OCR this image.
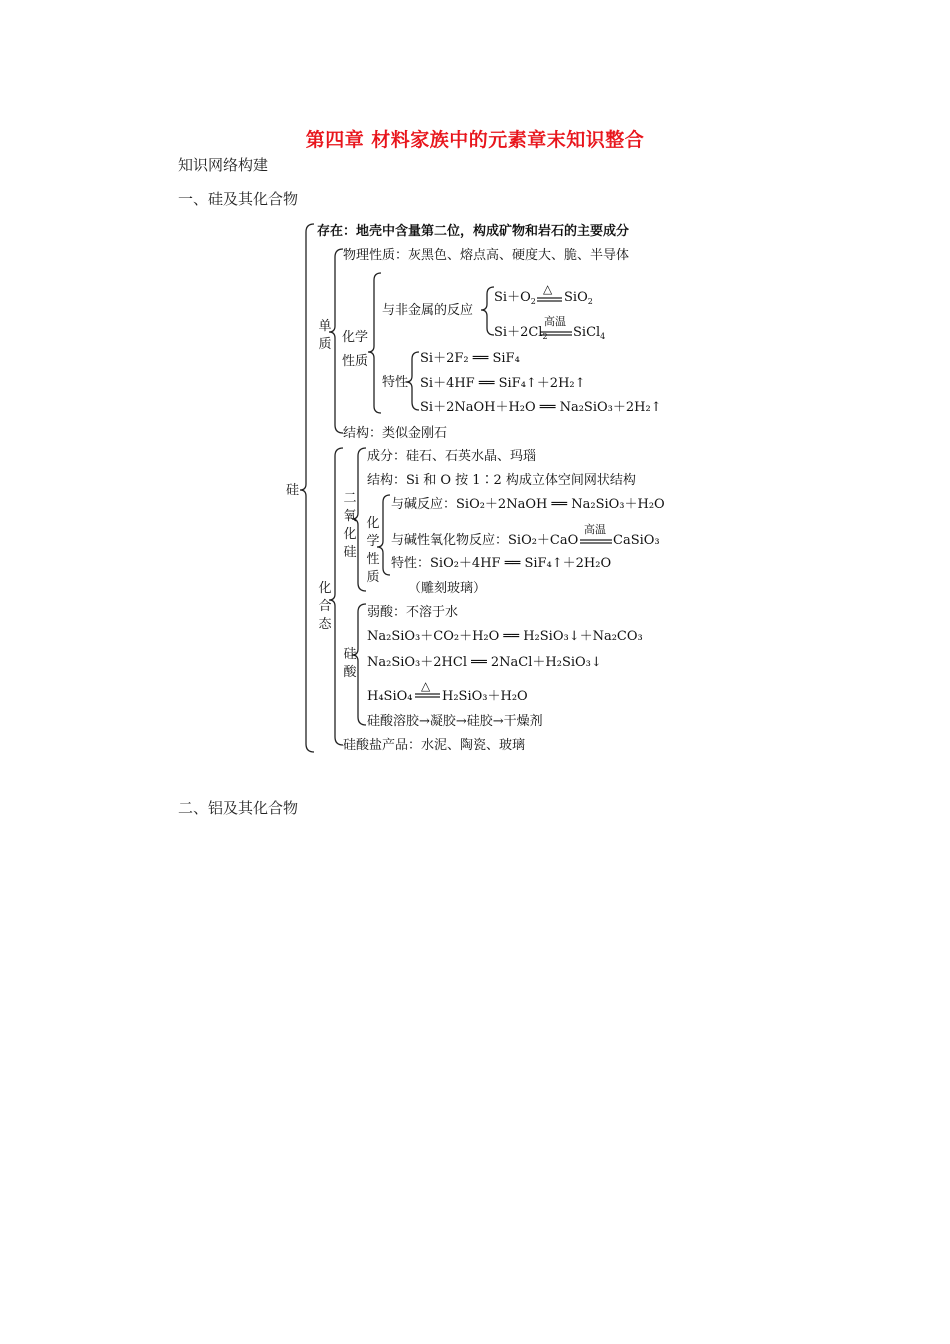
第四章 材料家族中的元素章末知识整合
知识网络构建
一、硅及其化合物
硅
存在：地壳中含量第二位，构成矿物和岩石的主要成分
单质
物理性质：灰黑色、熔点高、硬度大、脆、半导体
化学性质
与非金属的反应
$Si+O_2$
△
SiO$_2$
$Si+2Cl_2$
高温
SiCl$_4$
特性
Si＋2F₂ ══ SiF₄
Si＋4HF ══ SiF₄↑＋2H₂↑
Si＋2NaOH＋H₂O ══ Na₂SiO₃＋2H₂↑
结构：类似金刚石
化合态
二氧化硅
成分：硅石、石英水晶、玛瑙
结构：Si 和 O 按 1∶2 构成立体空间网状结构
化学性质
与碱反应：SiO₂＋2NaOH ══ Na₂SiO₃＋H₂O
与碱性氧化物反应：SiO₂＋CaO
高温
CaSiO₃
特性：SiO₂＋4HF ══ SiF₄↑＋2H₂O
（雕刻玻璃）
硅酸
弱酸：不溶于水
Na₂SiO₃＋CO₂＋H₂O ══ H₂SiO₃↓＋Na₂CO₃
Na₂SiO₃＋2HCl ══ 2NaCl＋H₂SiO₃↓
H₄SiO₄
△
H₂SiO₃＋H₂O
硅酸溶胶→凝胶→硅胶→干燥剂
硅酸盐产品：水泥、陶瓷、玻璃
二、铝及其化合物
